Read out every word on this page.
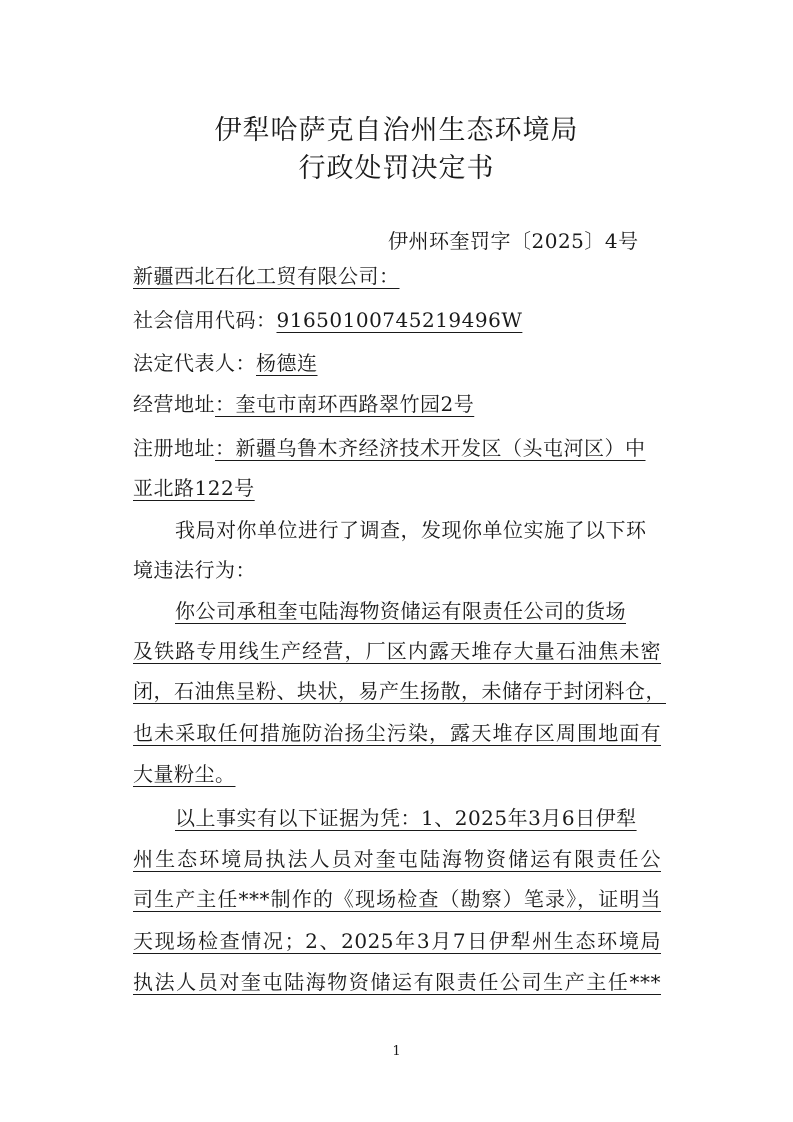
伊犁哈萨克自治州生态环境局
行政处罚决定书
伊州环奎罚字〔2025〕4号
新疆西北石化工贸有限公司：
社会信用代码：91650100745219496W
法定代表人：杨德连
经营地址：奎屯市南环西路翠竹园2号
注册地址：新疆乌鲁木齐经济技术开发区（头屯河区）中
亚北路122号
我局对你单位进行了调查，发现你单位实施了以下环
境违法行为：
你公司承租奎屯陆海物资储运有限责任公司的货场
及铁路专用线生产经营，厂区内露天堆存大量石油焦未密
闭，石油焦呈粉、块状，易产生扬散，未储存于封闭料仓，
也未采取任何措施防治扬尘污染，露天堆存区周围地面有
大量粉尘。
以上事实有以下证据为凭：1、2025年3月6日伊犁
州生态环境局执法人员对奎屯陆海物资储运有限责任公
司生产主任***制作的《现场检查（勘察）笔录》，证明当
天现场检查情况；2、2025年3月7日伊犁州生态环境局
执法人员对奎屯陆海物资储运有限责任公司生产主任***
1
